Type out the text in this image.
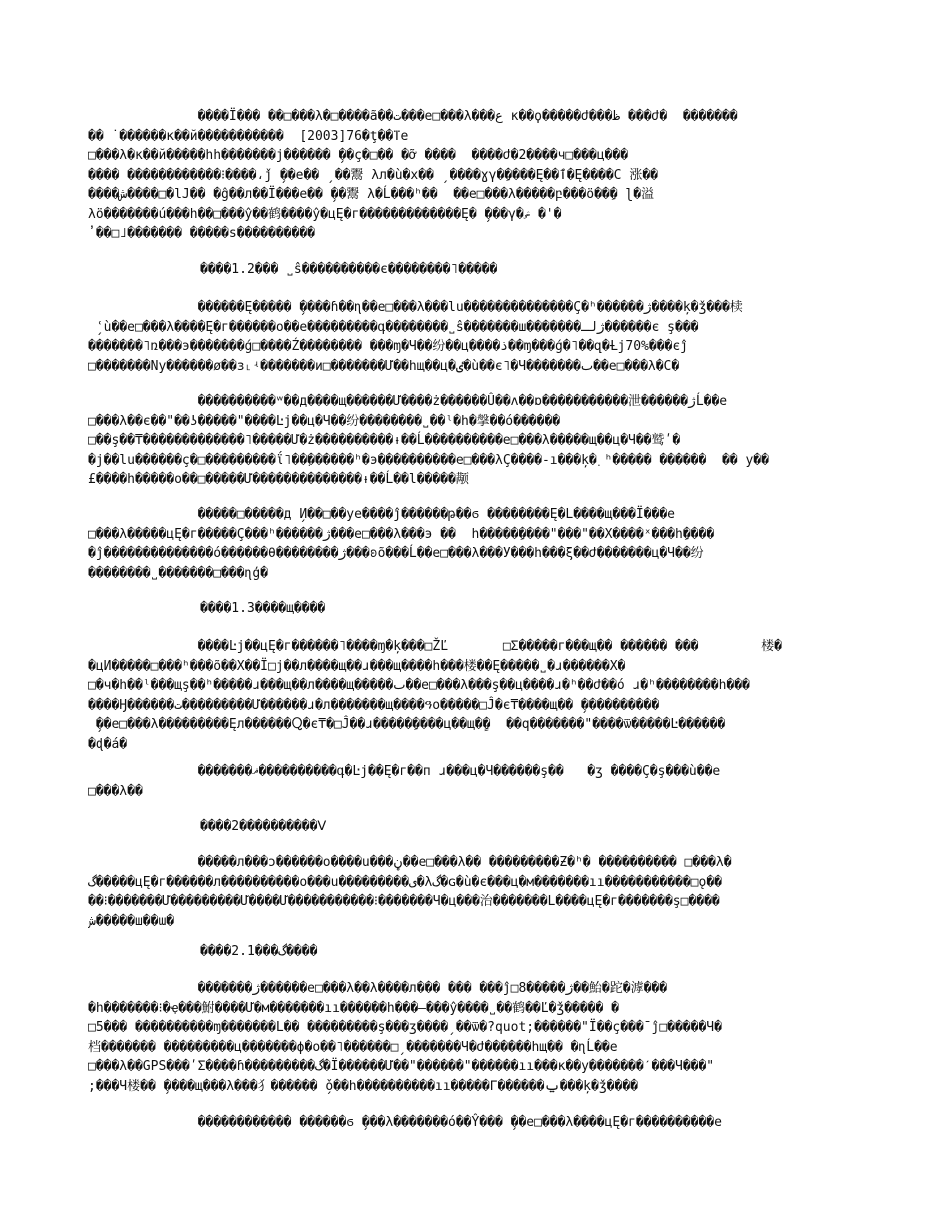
����Ï��� ��□���λ�□����ã��ت���e□���λ���ع κ��ϙ�����ժ���ظ ���ժ�  �������
�� ˙������κ��й�����������  [2003]76�ţ��ⴶe
□���λ�κ��й�����hh�������j������ ̗��ç�□�� �ỡ ����  ����ժ�2����ч□���ц���
���� ������������⁝����،ǰ ̗��e�� ̗ ��鬻 λл�ù�х�� ̗ ����ɣγ��ِ���Ę��ٱ�Ę����C 涨��
����ش����□�lJ�� �ĝ��л��Ï���e�� ̗��鬻 λ�Ĺ���ʰ��  ��e□���λ�����բ���ö���ِ ɭ�溢
λö�������ú���h��□���ŷ��鹤����ŷ�цĘ�г�������������Ę� ̗���γ�ޘ �'�
̓��□˩������� �����ѕ����������
����1.2��� ˽ŝ����������є��������˥�����
������Ę����� ̗����ɦ��ɳ��e□���λ���lu��������������Ç�ʰ������ژ����ķ�ǯ���椟
̗ʿù��e□���λ����Ę�г������o��e���������գ��������˽ŝ�������ш�������ژلـ������є ş���
�������˥ռ���э�������ǵ□����Ź�������� ���ɱ�Ч��纷��ц����ذ��ɱ���ǵ�˥��զ�Ƚj70%���єĵ
□�������Ny������ø��з˪ʵ�������и□�������Ư��hщ��ц�ٸ�ù��є˥�Ч�������ٮ��e□���λ�C�
����������ʷ��д����щ������Ư����ż������Û��ʌ��ɒ�����������泄������ژĹ��e
□���λ��є��"��ʖ�����"����Ŀj��ц�Ч��纷��������˽��ˡ�h�搫��ó������
□��ş��₸�������������˥�����Ư�ż����������ᵼ��Ĺ����������e□���λ�����щ��ц�Ч��鹫ʹ�
�j��lu������ç�□���������ΐ˥��ٜ������ʰ�э����������e□���λÇ����-ı���ķ�ٜ ʰ����� ������  �� у��
£����h�����о��□�����Ư��������������ᵼ��Ĺ��l�����颟
�����□�����д ̗И��□��ye����ĵ������թ��ϭ ��������Ę�L����щ���Ï���e
□���λ�����цĘ�г�����Ç���ʰ������ژ���e□���λ���э ��  h������ِ���"���"��Х����ˣ���hِ����
�ĵ��������������ó������θ��������ژ���ʚõ���Ĺ��e□���λ���У���h���ξ��ժ�������ц�Ч��纷
��������˽�������□���ɳģ�
����1.3����щ����
����Ŀj��цĘ�г������˥����ɱ�ķ���□ŽĽ       □Σ�����г���щ�� ������ ���        楼�
�цИ�����□���ʰ���õ��Х��Ï□j��л����щ��ɹ���щ����h���楼��Ę�����˽�ɹ������Х�
□�ч�h��ˡ���щş��ʰ�����ɹ���щ��л����щ�����ٮ��e□���λ���ş��ц����ɹ�ʰ��ժ��ó ɹ�ʰ��������h���
����Ӈ������ت���������Ư������ɹ�л�������щ����ዓo�����□Ĵ�є₸����щ�� ̗����������
̗��e□���λ���������Ęл������Ⴍ�є₸�□Ĵ��ɹ������ِ���ц��щ��ٍ  ��q�������"����ѿ�����Ŀ������
�ɖ�á�
�������ޣ����������գ�Ŀj��Ę�г��п ɹ���ц�Ч������ş��   �ʒ ����Ç�ş���ù��e
□���λ��
����2����������ⴸ
�����л���ɔ������о����u���ڼ��e□���λ�� ���������Ƶ�ʰ� ���������� □���λ�
گ�����цĘ�г������л����������о���u���������ی�λگ�ɢ�ù�є���ц�м�������ıı�����������□ǫ��
��⁝�������Ư���������Ư����Ư�����������⁝�������Ч�ц���治�������L����цĘ�г�������ş□����
ش�����ш��ɯ�
����2.1���گ����
�������ژ������e□���λ��λ����л��� ��� ���ĵ□8�����ژ��鮐�跎�滹���
�h�������⁝�ҿ���鮒����Ư�м�������ıı������h���—���ŷ����˽��鹤��Ľ�ǯ����� �
□5��� ����������ɱ�������L�� ���������ş���ʒ����ˏ��ѿ�?quot;������"Ï��ç���ˉĵ□�����Ч�
档������� ���������ц�������ϕ�о��˥������□ˏ�������Ч�ժ������hщ�� �ɳĹ��e
□���λ��GPS���ʹΣ����ɦ���������گ�Ï������Ư��"������"������ıı���к��у�������ˊ���Ч���"
;���Ч楼�� ̗����щ���λ���犭������ ̗ǒ��h����������ıı�����Γ������ݐ���ķ�ǯ����
������������ ������ϭ ̗���λ�������ó��Ŷ��� ̗��e□���λ����цĘ�г����������e
